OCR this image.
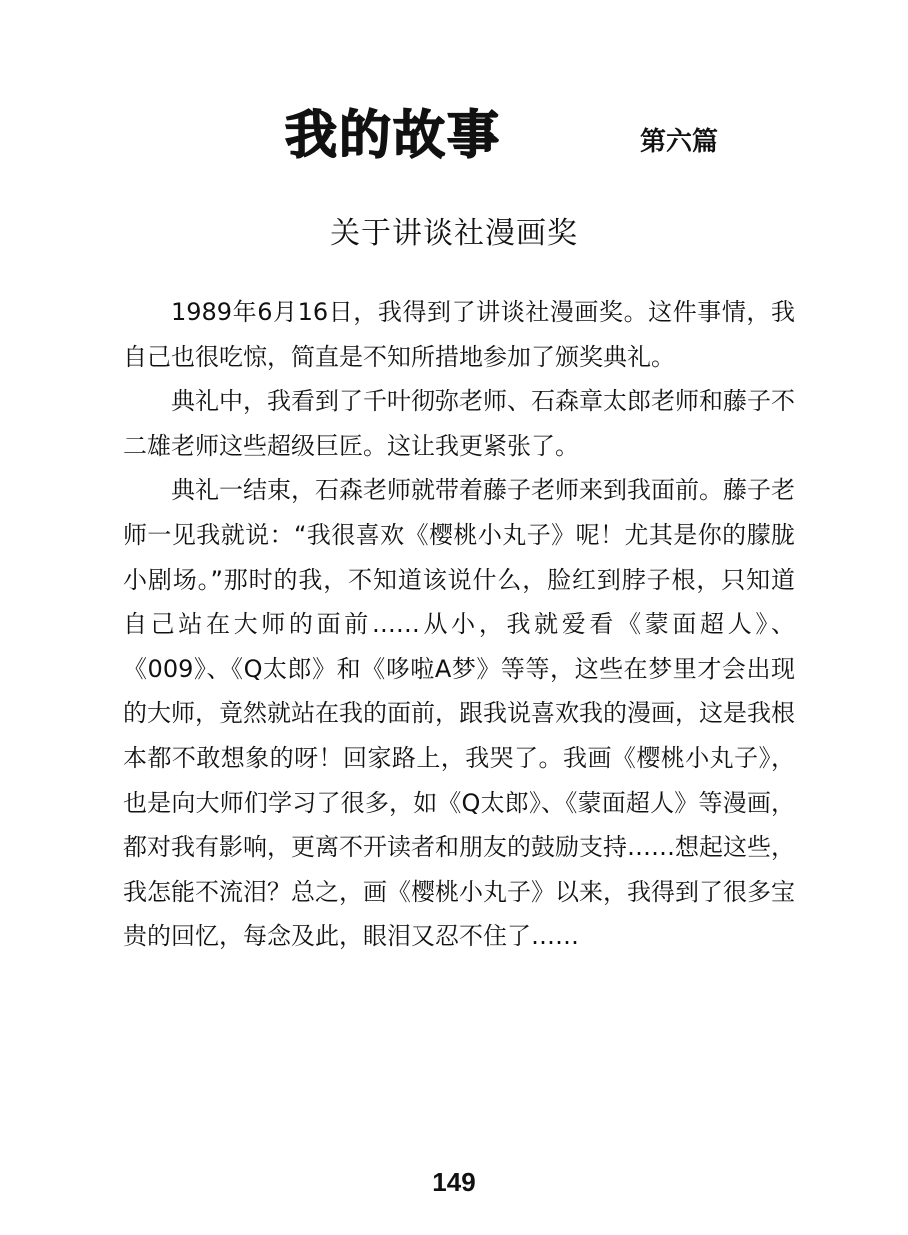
我的故事	第六篇
关于讲谈社漫画奖

1989年6月16日，我得到了讲谈社漫画奖。这件事情，我自己也很吃惊，简直是不知所措地参加了颁奖典礼。

典礼中，我看到了千叶彻弥老师、石森章太郎老师和藤子不二雄老师这些超级巨匠。这让我更紧张了。

典礼一结束，石森老师就带着藤子老师来到我面前。藤子老师一见我就说：“我很喜欢《樱桃小丸子》呢！尤其是你的朦胧小剧场。”那时的我，不知道该说什么，脸红到脖子根，只知道自己站在大师的面前……从小，我就爱看《蒙面超人》、《009》、《Q太郎》和《哆啦A梦》等等，这些在梦里才会出现的大师，竟然就站在我的面前，跟我说喜欢我的漫画，这是我根本都不敢想象的呀！回家路上，我哭了。我画《樱桃小丸子》，也是向大师们学习了很多，如《Q太郎》、《蒙面超人》等漫画，都对我有影响，更离不开读者和朋友的鼓励支持……想起这些，我怎能不流泪？总之，画《樱桃小丸子》以来，我得到了很多宝贵的回忆，每念及此，眼泪又忍不住了……

149
